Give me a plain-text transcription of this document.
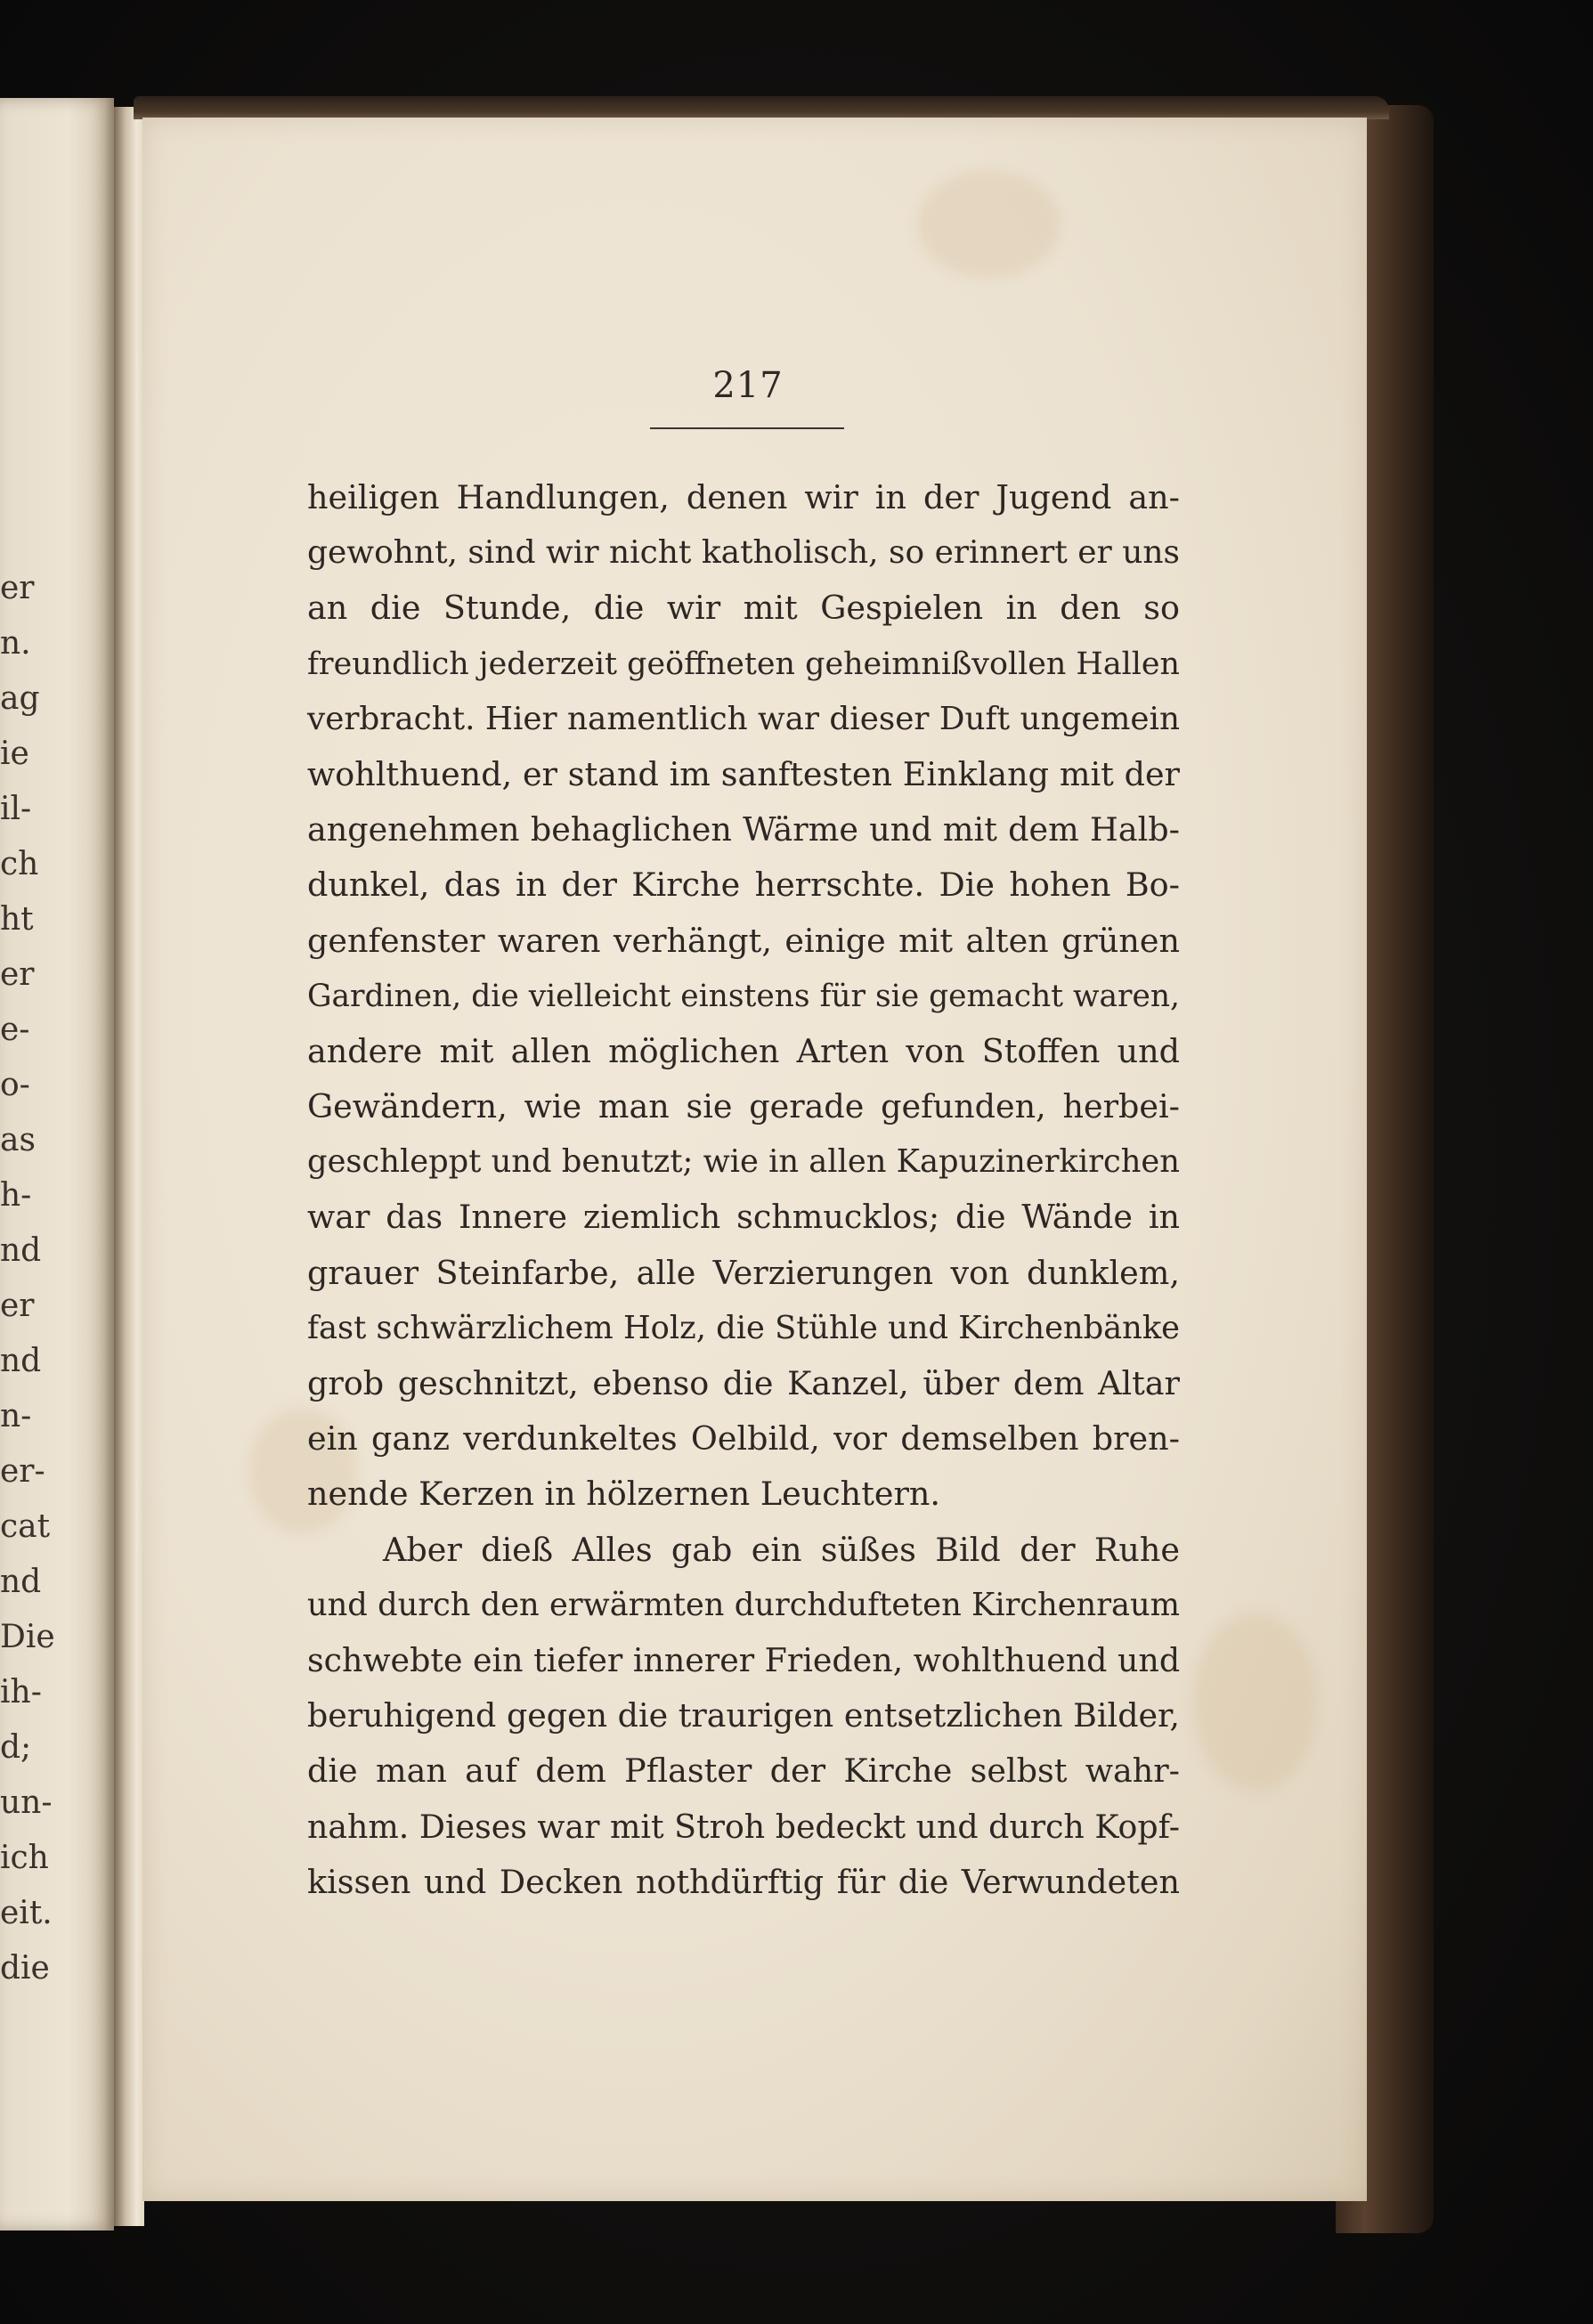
er
n.
ag
ie
il-
ch
ht
er
e-
o-
as
h-
nd
er
nd
n-
er-
cat
nd
Die
ih-
d;
un-
ich
eit.
die
217
heiligen Handlungen, denen wir in der Jugend an-
gewohnt, sind wir nicht katholisch, so erinnert er uns
an die Stunde, die wir mit Gespielen in den so
freundlich jederzeit geöffneten geheimnißvollen Hallen
verbracht. Hier namentlich war dieser Duft ungemein
wohlthuend, er stand im sanftesten Einklang mit der
angenehmen behaglichen Wärme und mit dem Halb-
dunkel, das in der Kirche herrschte. Die hohen Bo-
genfenster waren verhängt, einige mit alten grünen
Gardinen, die vielleicht einstens für sie gemacht waren,
andere mit allen möglichen Arten von Stoffen und
Gewändern, wie man sie gerade gefunden, herbei-
geschleppt und benutzt; wie in allen Kapuzinerkirchen
war das Innere ziemlich schmucklos; die Wände in
grauer Steinfarbe, alle Verzierungen von dunklem,
fast schwärzlichem Holz, die Stühle und Kirchenbänke
grob geschnitzt, ebenso die Kanzel, über dem Altar
ein ganz verdunkeltes Oelbild, vor demselben bren-
nende Kerzen in hölzernen Leuchtern.
Aber dieß Alles gab ein süßes Bild der Ruhe
und durch den erwärmten durchdufteten Kirchenraum
schwebte ein tiefer innerer Frieden, wohlthuend und
beruhigend gegen die traurigen entsetzlichen Bilder,
die man auf dem Pflaster der Kirche selbst wahr-
nahm. Dieses war mit Stroh bedeckt und durch Kopf-
kissen und Decken nothdürftig für die Verwundeten
